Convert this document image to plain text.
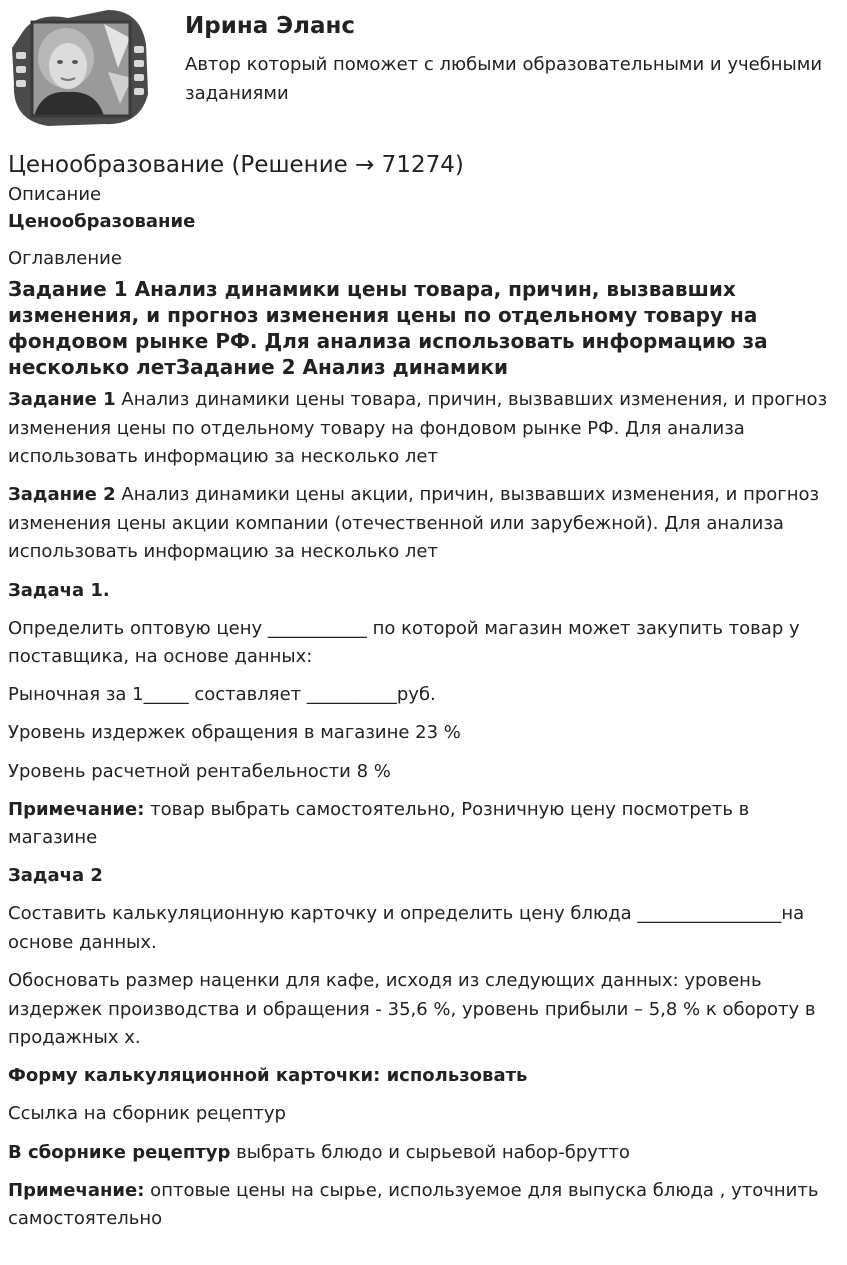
Ирина Эланс

Автор который поможет с любыми образовательными и учебными заданиями

Ценообразование (Решение → 71274)

Описание

Ценообразование

Оглавление

Задание 1 Анализ динамики цены товара, причин, вызвавших изменения, и прогноз изменения цены по отдельному товару на фондовом рынке РФ. Для анализа использовать информацию за несколько летЗадание 2 Анализ динамики

Задание 1 Анализ динамики цены товара, причин, вызвавших изменения, и прогноз изменения цены по отдельному товару на фондовом рынке РФ. Для анализа использовать информацию за несколько лет

Задание 2 Анализ динамики цены акции, причин, вызвавших изменения, и прогноз изменения цены акции компании (отечественной или зарубежной). Для анализа использовать информацию за несколько лет

Задача 1.

Определить оптовую цену ___________ по которой магазин может закупить товар у поставщика, на основе данных:

Рыночная за 1_____ составляет __________руб.

Уровень издержек обращения в магазине 23 %

Уровень расчетной рентабельности 8 %

Примечание: товар выбрать самостоятельно, Розничную цену посмотреть в магазине

Задача 2

Составить калькуляционную карточку и определить цену блюда ________________на основе данных.

Обосновать размер наценки для кафе, исходя из следующих данных: уровень издержек производства и обращения - 35,6 %, уровень прибыли – 5,8 % к обороту в продажных х.

Форму калькуляционной карточки: использовать

Ссылка на сборник рецептур

В сборнике рецептур выбрать блюдо и сырьевой набор-брутто

Примечание: оптовые цены на сырье, используемое для выпуска блюда , уточнить самостоятельно
